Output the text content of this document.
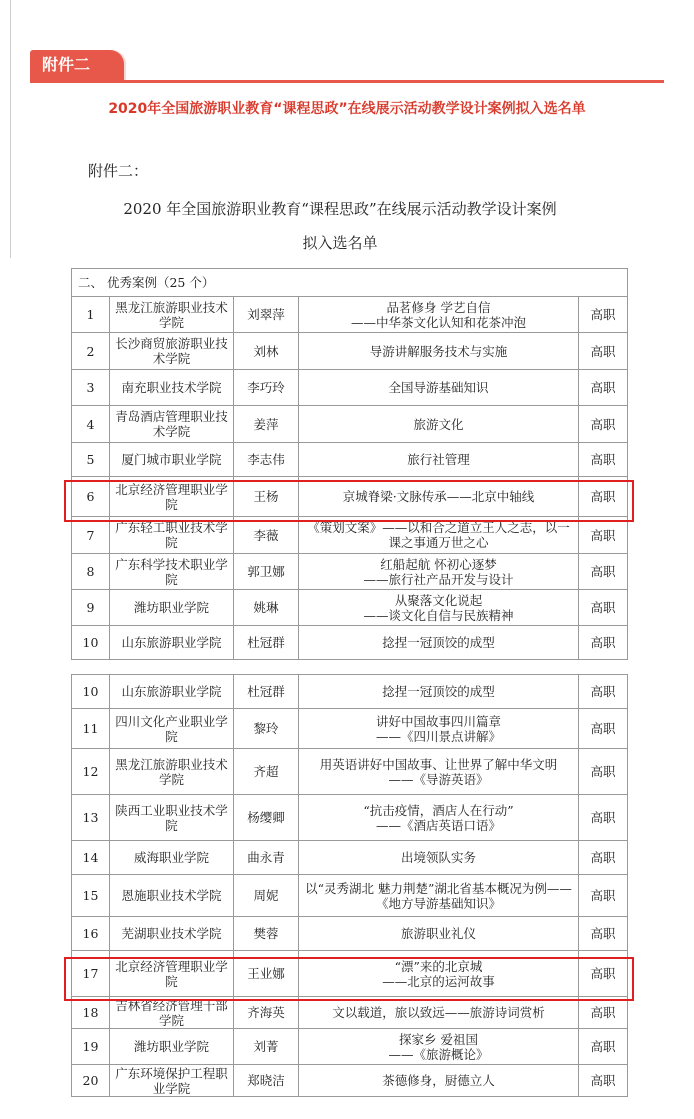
附件二
2020年全国旅游职业教育“课程思政”在线展示活动教学设计案例拟入选名单
附件二：
2020 年全国旅游职业教育“课程思政”在线展示活动教学设计案例
拟入选名单
二、 优秀案例（25 个）				
1	黑龙江旅游职业技术学院	刘翠萍	品茗修身 学艺自信
——中华茶文化认知和花茶冲泡	高职
2	长沙商贸旅游职业技术学院	刘林	导游讲解服务技术与实施	高职
3	南充职业技术学院	李巧玲	全国导游基础知识	高职
4	青岛酒店管理职业技术学院	姜萍	旅游文化	高职
5	厦门城市职业学院	李志伟	旅行社管理	高职
6	北京经济管理职业学院	王杨	京城脊梁·文脉传承——北京中轴线	高职
7	广东轻工职业技术学院	李薇	《策划文案》——以和合之道立王人之志，以一课之事通万世之心	高职
8	广东科学技术职业学院	郭卫娜	红船起航 怀初心逐梦
——旅行社产品开发与设计	高职
9	潍坊职业学院	姚琳	从聚落文化说起
——谈文化自信与民族精神	高职
10	山东旅游职业学院	杜冠群	捻捏一冠顶饺的成型	高职
10	山东旅游职业学院	杜冠群	捻捏一冠顶饺的成型	高职
11	四川文化产业职业学院	黎玲	讲好中国故事四川篇章
——《四川景点讲解》	高职
12	黑龙江旅游职业技术学院	齐超	用英语讲好中国故事、让世界了解中华文明
——《导游英语》	高职
13	陕西工业职业技术学院	杨缨卿	“抗击疫情，酒店人在行动”
——《酒店英语口语》	高职
14	威海职业学院	曲永青	出境领队实务	高职
15	恩施职业技术学院	周妮	以“灵秀湖北 魅力荆楚”湖北省基本概况为例——《地方导游基础知识》	高职
16	芜湖职业技术学院	樊蓉	旅游职业礼仪	高职
17	北京经济管理职业学院	王业娜	“漂”来的北京城
——北京的运河故事	高职
18	吉林省经济管理干部学院	齐海英	文以载道，旅以致远——旅游诗词赏析	高职
19	潍坊职业学院	刘菁	探家乡 爱祖国
——《旅游概论》	高职
20	广东环境保护工程职业学院	郑晓洁	茶德修身，厨德立人	高职
